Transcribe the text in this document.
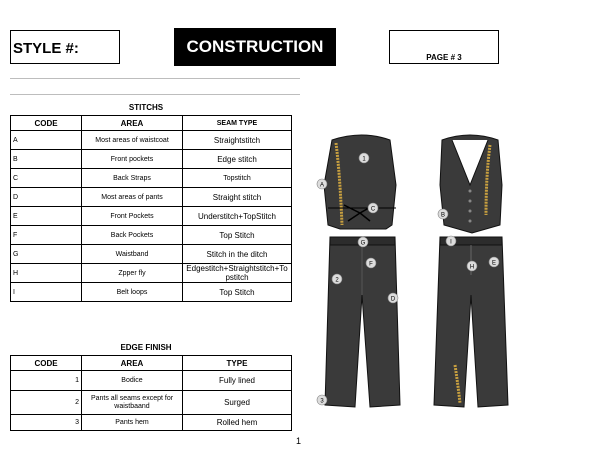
STYLE #:	CONSTRUCTION
PAGE # 3
STITCHS
CODE	AREA	SEAM TYPE
A	Most areas of waistcoat	Straightstitch
B	Front pockets	Edge stitch
C	Back Straps	Topstitch
D	Most areas of pants	Straight stitch
E	Front Pockets	Understitch+TopStitch
F	Back Pockets	Top Stitch
G	Waistband	Stitch in the ditch
H	Zpper fly	Edgestitch+Straightstitch+Topstitch
I	Belt loops	Top Stitch
EDGE FINISH
CODE	AREA	TYPE
1	Bodice	Fully lined
2	Pants all seams except for waistbaand	Surged
3	Pants hem	Rolled hem
1
A
C
G
F
2
D
3
B
I
H
E
1
